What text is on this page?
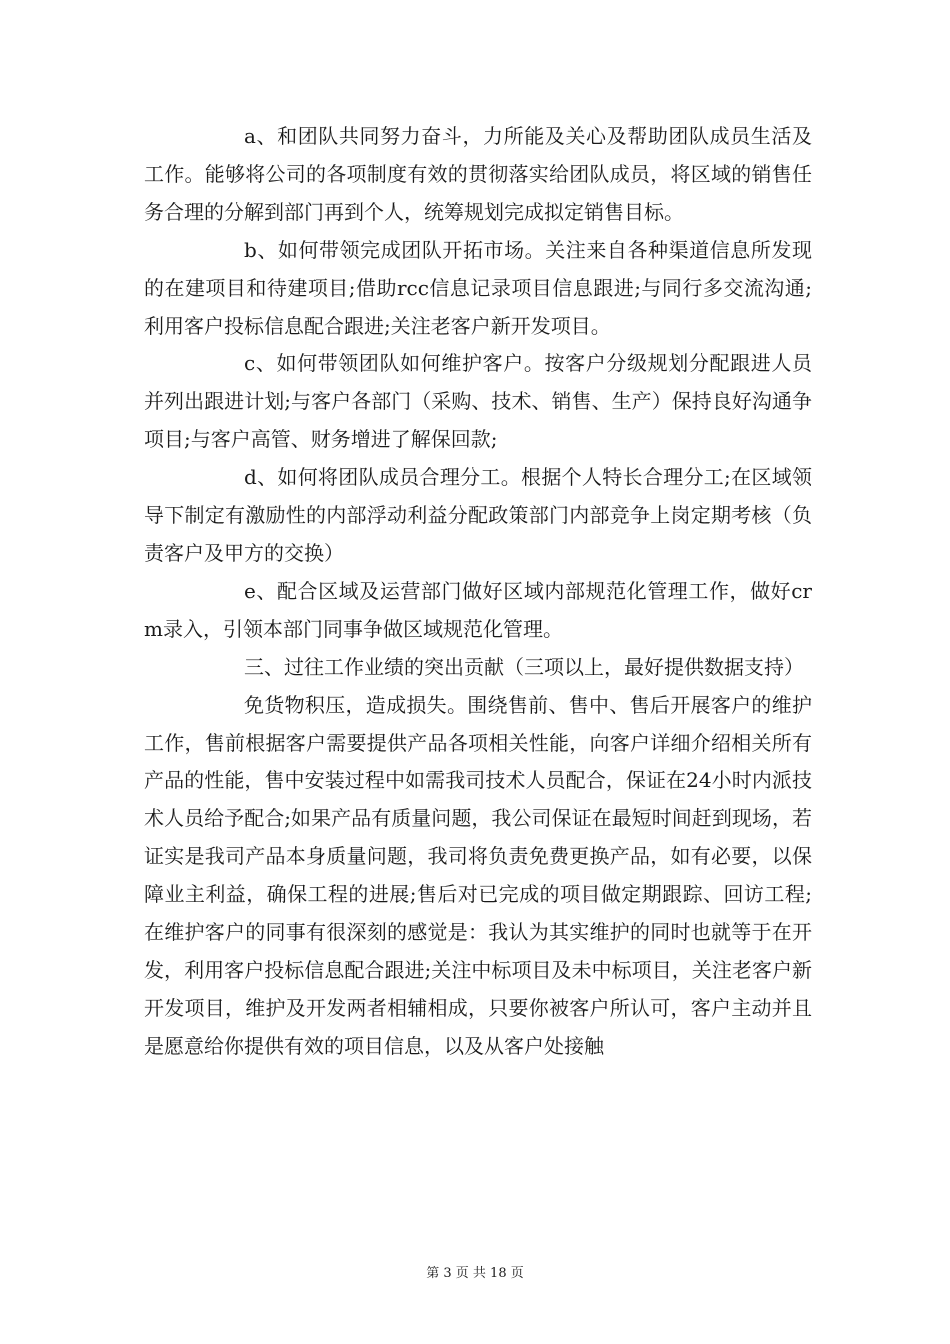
a、和团队共同努力奋斗，力所能及关心及帮助团队成员生活及工作。能够将公司的各项制度有效的贯彻落实给团队成员，将区域的销售任务合理的分解到部门再到个人，统筹规划完成拟定销售目标。

b、如何带领完成团队开拓市场。关注来自各种渠道信息所发现的在建项目和待建项目;借助rcc信息记录项目信息跟进;与同行多交流沟通;利用客户投标信息配合跟进;关注老客户新开发项目。

c、如何带领团队如何维护客户。按客户分级规划分配跟进人员并列出跟进计划;与客户各部门（采购、技术、销售、生产）保持良好沟通争项目;与客户高管、财务增进了解保回款;

d、如何将团队成员合理分工。根据个人特长合理分工;在区域领导下制定有激励性的内部浮动利益分配政策部门内部竞争上岗定期考核（负责客户及甲方的交换）

e、配合区域及运营部门做好区域内部规范化管理工作，做好crm录入，引领本部门同事争做区域规范化管理。

三、过往工作业绩的突出贡献（三项以上，最好提供数据支持）

免货物积压，造成损失。围绕售前、售中、售后开展客户的维护工作，售前根据客户需要提供产品各项相关性能，向客户详细介绍相关所有产品的性能，售中安装过程中如需我司技术人员配合，保证在24小时内派技术人员给予配合;如果产品有质量问题，我公司保证在最短时间赶到现场，若证实是我司产品本身质量问题，我司将负责免费更换产品，如有必要，以保障业主利益，确保工程的进展;售后对已完成的项目做定期跟踪、回访工程;在维护客户的同事有很深刻的感觉是：我认为其实维护的同时也就等于在开发，利用客户投标信息配合跟进;关注中标项目及未中标项目，关注老客户新开发项目，维护及开发两者相辅相成，只要你被客户所认可，客户主动并且是愿意给你提供有效的项目信息，以及从客户处接触

第 3 页 共 18 页
